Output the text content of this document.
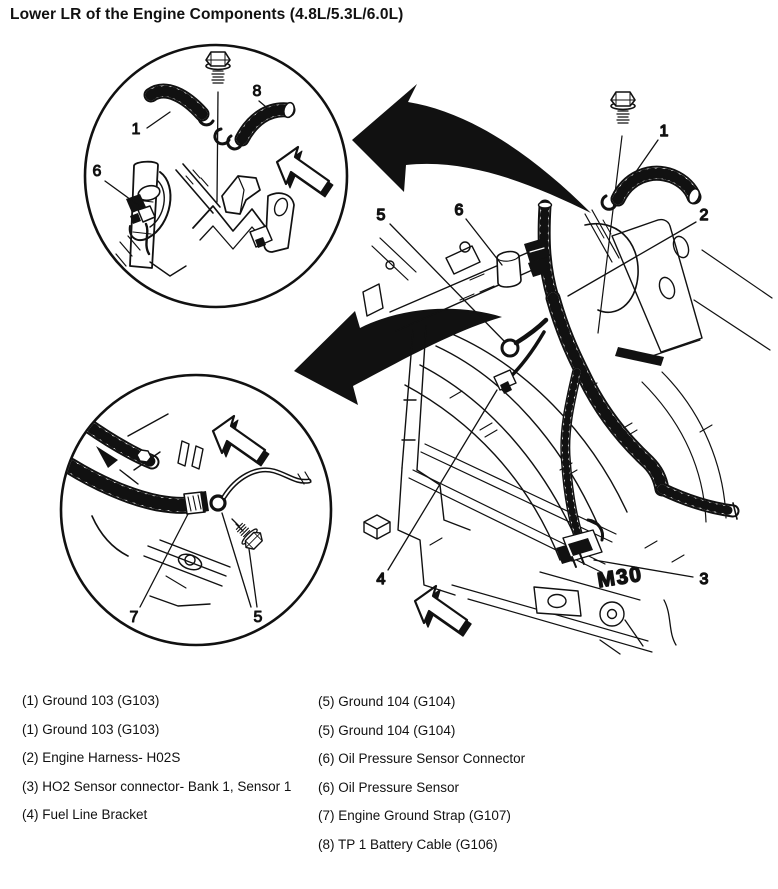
Lower LR of the Engine Components (4.8L/5.3L/6.0L)
1
8
6
7	5
M30
1
2
5	6
3
4
(1) Ground 103 (G103)
(1) Ground 103 (G103)
(2) Engine Harness- H02S
(3) HO2 Sensor connector- Bank 1, Sensor 1
(4) Fuel Line Bracket
(5) Ground 104 (G104)
(5) Ground 104 (G104)
(6) Oil Pressure Sensor Connector
(6) Oil Pressure Sensor
(7) Engine Ground Strap (G107)
(8) TP 1 Battery Cable (G106)
